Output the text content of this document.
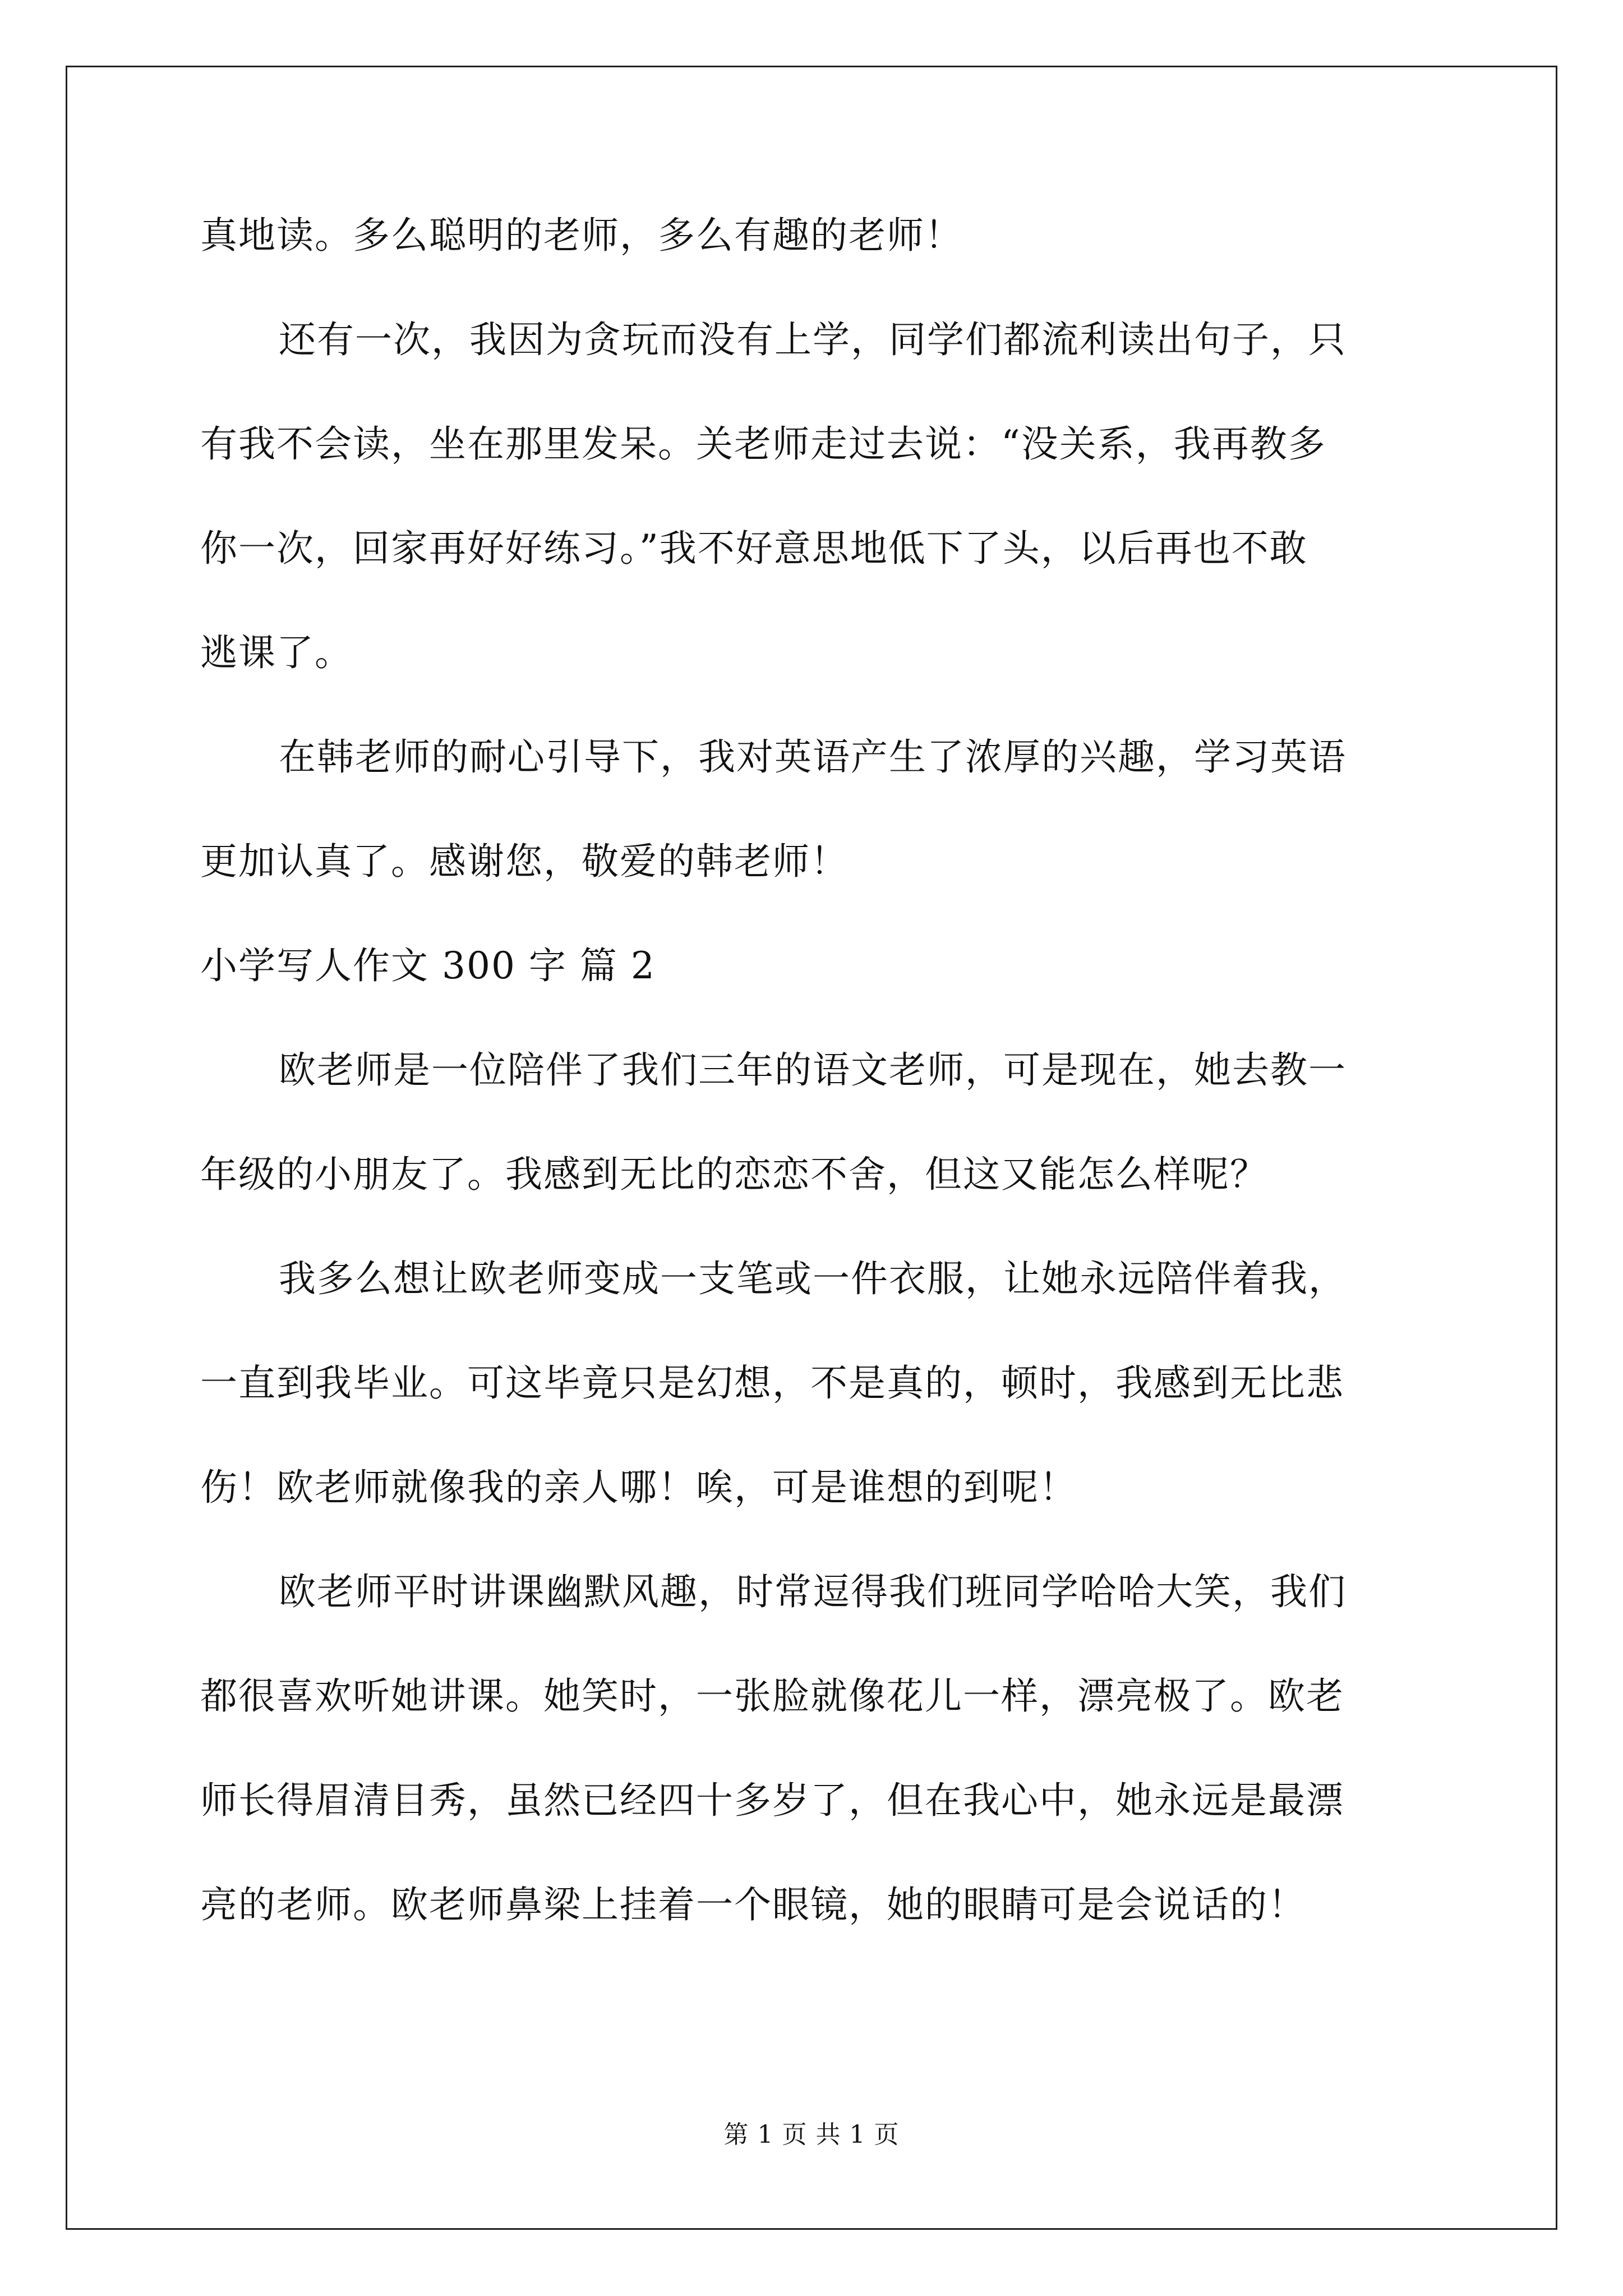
真地读。多么聪明的老师，多么有趣的老师！
还有一次，我因为贪玩而没有上学，同学们都流利读出句子，只
有我不会读，坐在那里发呆。关老师走过去说：“没关系，我再教多
你一次，回家再好好练习。”我不好意思地低下了头，以后再也不敢
逃课了。
在韩老师的耐心引导下，我对英语产生了浓厚的兴趣，学习英语
更加认真了。感谢您，敬爱的韩老师！
小学写人作文 300 字 篇 2
欧老师是一位陪伴了我们三年的语文老师，可是现在，她去教一
年级的小朋友了。我感到无比的恋恋不舍，但这又能怎么样呢？
我多么想让欧老师变成一支笔或一件衣服，让她永远陪伴着我，
一直到我毕业。可这毕竟只是幻想，不是真的，顿时，我感到无比悲
伤！欧老师就像我的亲人哪！唉，可是谁想的到呢！
欧老师平时讲课幽默风趣，时常逗得我们班同学哈哈大笑，我们
都很喜欢听她讲课。她笑时，一张脸就像花儿一样，漂亮极了。欧老
师长得眉清目秀，虽然已经四十多岁了，但在我心中，她永远是最漂
亮的老师。欧老师鼻梁上挂着一个眼镜，她的眼睛可是会说话的！
第 1 页 共 1 页
